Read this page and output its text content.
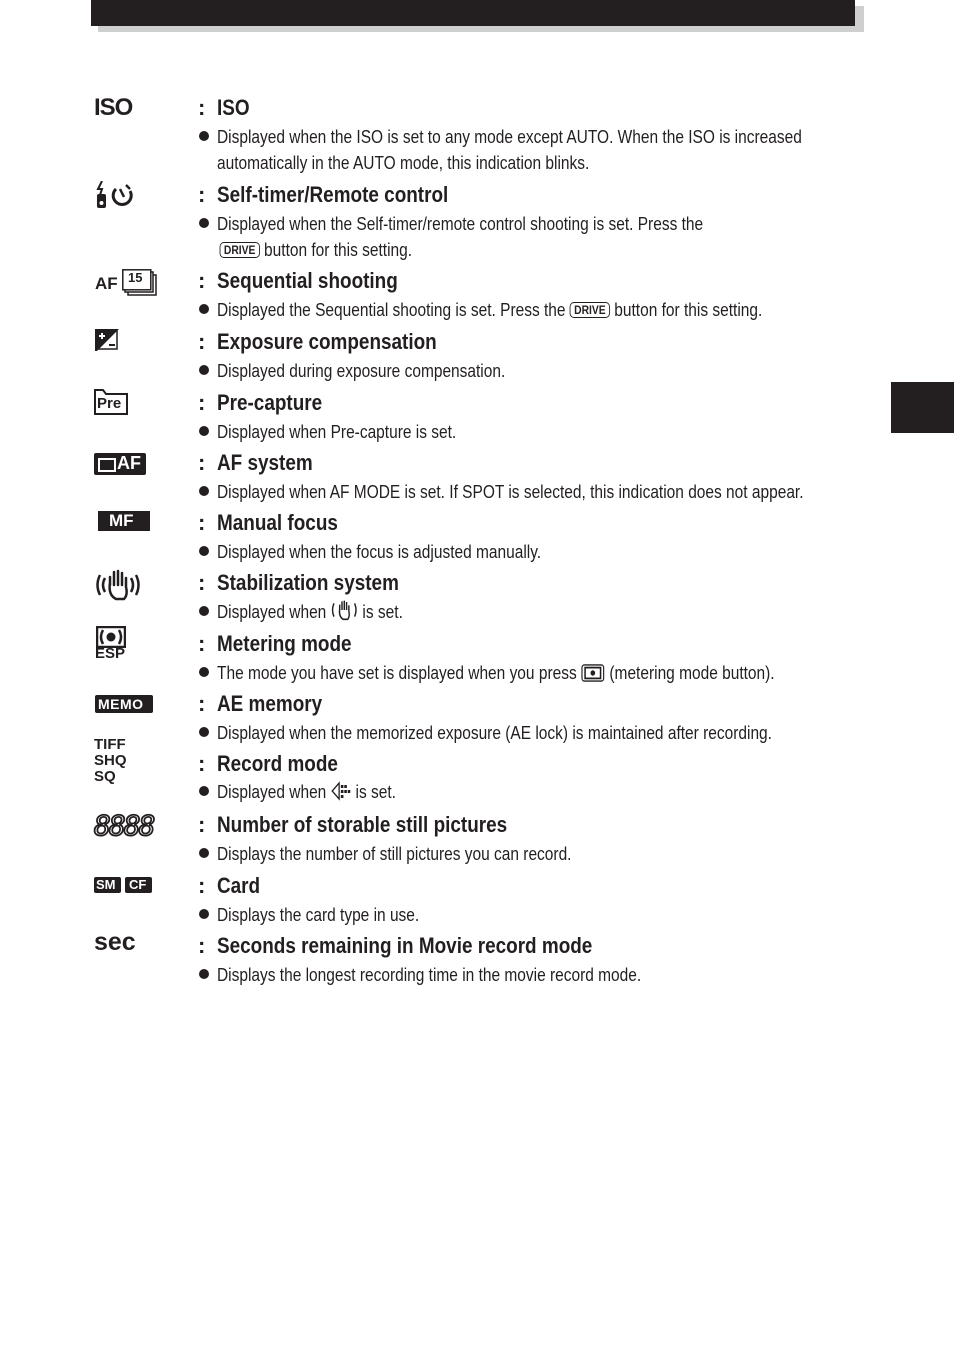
ISO	: ISO
Displayed when the ISO is set to any mode except AUTO. When the ISO is increased
automatically in the AUTO mode, this indication blinks.
: Self-timer/Remote control
Displayed when the Self-timer/remote control shooting is set. Press the
DRIVE button for this setting.
AF 15	: Sequential shooting
Displayed the Sequential shooting is set. Press the DRIVE button for this setting.
: Exposure compensation
Displayed during exposure compensation.
Pre	: Pre-capture
Displayed when Pre-capture is set.
AF	: AF system
Displayed when AF MODE is set. If SPOT is selected, this indication does not appear.
MF	: Manual focus
Displayed when the focus is adjusted manually.
: Stabilization system
Displayed when is set.
ESP	: Metering mode
The mode you have set is displayed when you press (metering mode button).
MEMO : AE memory
Displayed when the memorized exposure (AE lock) is maintained after recording.
TIFF
SHQ
SQ
: Record mode
Displayed when is set.
8888 : Number of storable still pictures
Displays the number of still pictures you can record.
SM CF : Card
Displays the card type in use.
sec	: Seconds remaining in Movie record mode
Displays the longest recording time in the movie record mode.
